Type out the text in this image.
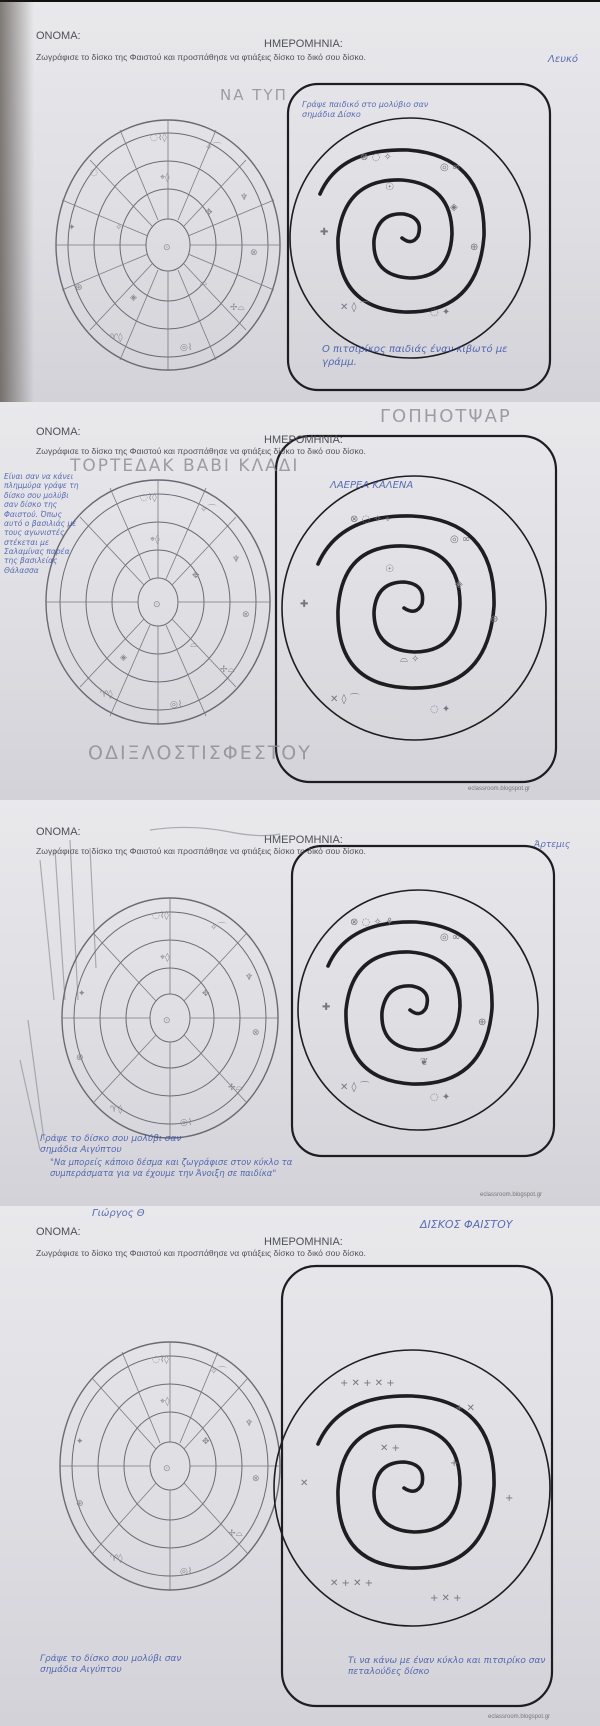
◌⌇◊
✧⌒
♆
⊗
✢⌓
◎⌇
♈◊
⊕
✦
◌	⌖◊
✥
⌓
◈
✧
⊙
⊗ ◌ ✧
◎ ∞
✚
⊕
✕ ◊ ⌒	◌ ✦
☉
◈
ΟΝΟΜΑ:
ΗΜΕΡΟΜΗΝΙΑ:
Ζωγράφισε το δίσκο της Φαιστού και προσπάθησε να φτιάξεις δίσκο το δικό σου δίσκο.	Λευκό
ΝΑ ΤΥΠ
Γράψε παιδικό στο μολύβιο σαν σημάδια Δίσκο
Ο πιτσιρίκος παιδιάς έναν κιβωτό με γράμμ.
◌⌇◊
✧⌒
♆
⊗
✢⌓
◎⌇
♈◊
⌖◊
✥
⌓
◈
⊙
⊗ ◌ ✧ ⌖
◎ ∞
✚
⊕
✕ ◊ ⌒
◌ ✦
☉
◈
⌓ ✧
ΟΝΟΜΑ:
ΗΜΕΡΟΜΗΝΙΑ:
Ζωγράφισε το δίσκο της Φαιστού και προσπάθησε να φτιάξεις δίσκο το δικό σου δίσκο.
ΓΟΠΗΟΤΨΑΡ
ΤΟΡΤΕΔΑΚ ΒΑΒΙ ΚΛΑΔΙ
Είναι σαν να κάνει πλημμύρα γράψε τη δίσκο σου μολύβι σαν δίσκο της Φαιστού. Όπως αυτό ο βασιλιάς με τους αγωνιστές στέκεται με Σαλαμίνας παρέα της βασιλείας Θάλασσα
ΛΑΕΡΕΑ ΚΑΛΕΝΑ
ΟΔΙΞΛΟΣΤΙΣΦΕΣΤΟΥ
eclassroom.blogspot.gr
◌⌇◊
✧⌒
♆
⊗
✢⌓
◎⌇
♈◊
⊕
✦
⌖◊
✥
⊙
⊗ ◌ ✧ ⚘
◎ ∞
✚
⊕
✕ ◊ ⌒
◌ ✦
❦
ΟΝΟΜΑ:
ΗΜΕΡΟΜΗΝΙΑ:
Ζωγράφισε το δίσκο της Φαιστού και προσπάθησε να φτιάξεις δίσκο το δικό σου δίσκο.
Άρτεμις
Γράψε το δίσκο σου μολύβι σαν σημάδια Αιγύπτου
"Να μπορείς κάποιο δέσμα και ζωγράφισε στον κύκλο τα συμπεράσματα για να έχουμε την Άνοιξη σε παιδίκα"
eclassroom.blogspot.gr
◌⌇◊
✧⌒
♆
⊗
✢⌓
◎⌇
♈◊
⊕
✦
⌖◊
✥
⊙
+ ✕ + ✕ +
+ ✕
✕
+
✕ + ✕ +
+ ✕ +
✕ +
+
Γιώργος Θ
ΔΙΣΚΟΣ ΦΑΙΣΤΟΥ
ΟΝΟΜΑ:
ΗΜΕΡΟΜΗΝΙΑ:
Ζωγράφισε το δίσκο της Φαιστού και προσπάθησε να φτιάξεις δίσκο το δικό σου δίσκο.
Γράψε το δίσκο σου μολύβι σαν σημάδια Αιγύπτου
Τι να κάνω με έναν κύκλο και πιτσιρίκο σαν πεταλούδες δίσκο
eclassroom.blogspot.gr
